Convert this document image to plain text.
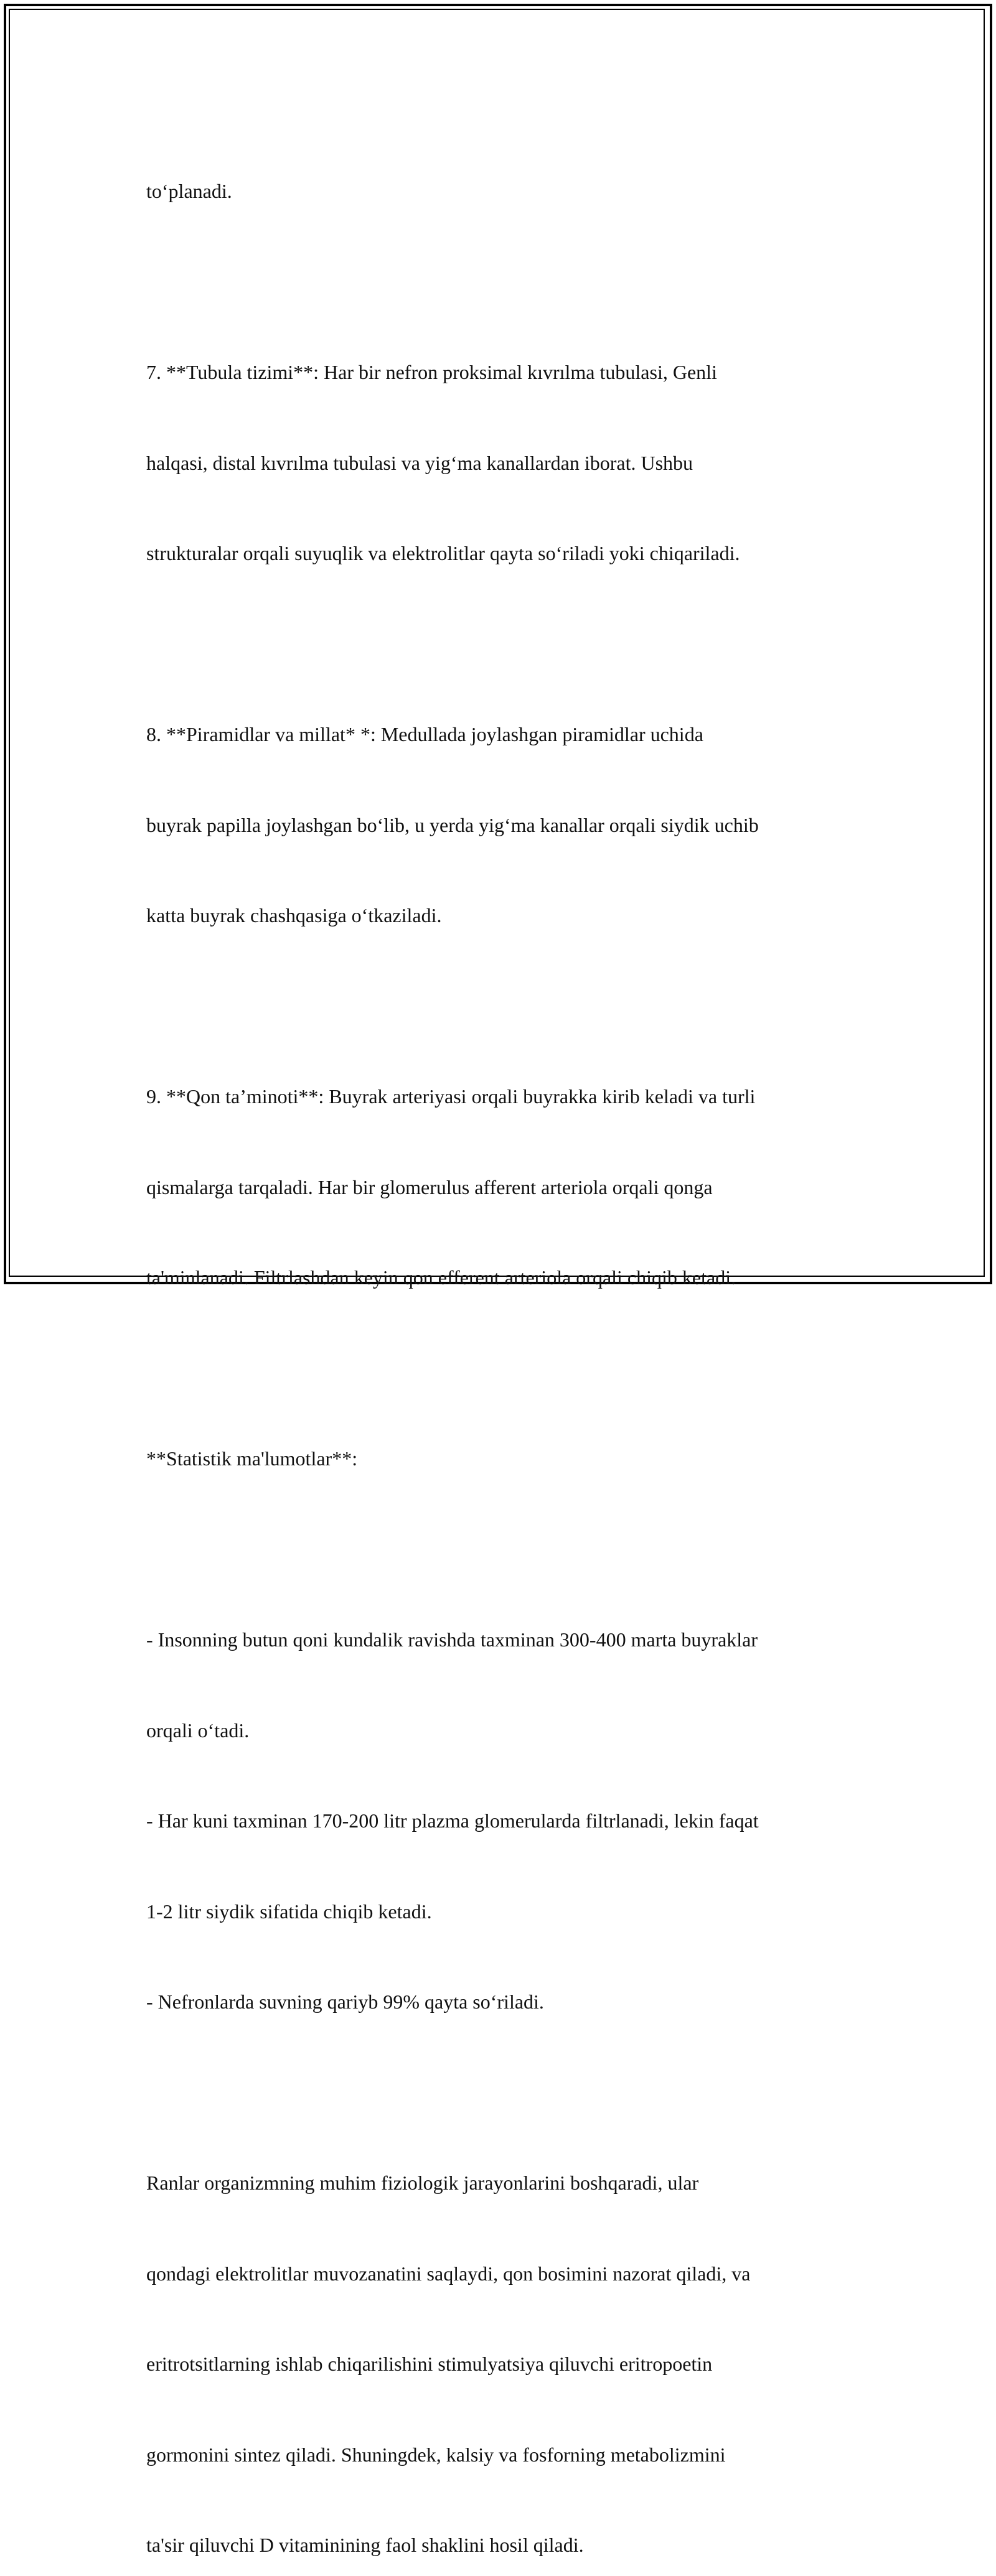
to‘planadi.

7. **Tubula tizimi**: Har bir nefron proksimal kıvrılma tubulasi, Genli

halqasi, distal kıvrılma tubulasi va yig‘ma kanallardan iborat. Ushbu

strukturalar orqali suyuqlik va elektrolitlar qayta so‘riladi yoki chiqariladi.

8. **Piramidlar va millat* *: Medullada joylashgan piramidlar uchida

buyrak papilla joylashgan bo‘lib, u yerda yig‘ma kanallar orqali siydik uchib

katta buyrak chashqasiga o‘tkaziladi.

9. **Qon ta’minoti**: Buyrak arteriyasi orqali buyrakka kirib keladi va turli

qismalarga tarqaladi. Har bir glomerulus afferent arteriola orqali qonga

ta'minlanadi. Filtrlashdan keyin qon efferent arteriola orqali chiqib ketadi.

**Statistik ma'lumotlar**:

- Insonning butun qoni kundalik ravishda taxminan 300-400 marta buyraklar

orqali o‘tadi.

- Har kuni taxminan 170-200 litr plazma glomerularda filtrlanadi, lekin faqat

1-2 litr siydik sifatida chiqib ketadi.

- Nefronlarda suvning qariyb 99% qayta so‘riladi.

Ranlar organizmning muhim fiziologik jarayonlarini boshqaradi, ular

qondagi elektrolitlar muvozanatini saqlaydi, qon bosimini nazorat qiladi, va

eritrotsitlarning ishlab chiqarilishini stimulyatsiya qiluvchi eritropoetin

gormonini sintez qiladi. Shuningdek, kalsiy va fosforning metabolizmini

ta'sir qiluvchi D vitaminining faol shaklini hosil qiladi.
